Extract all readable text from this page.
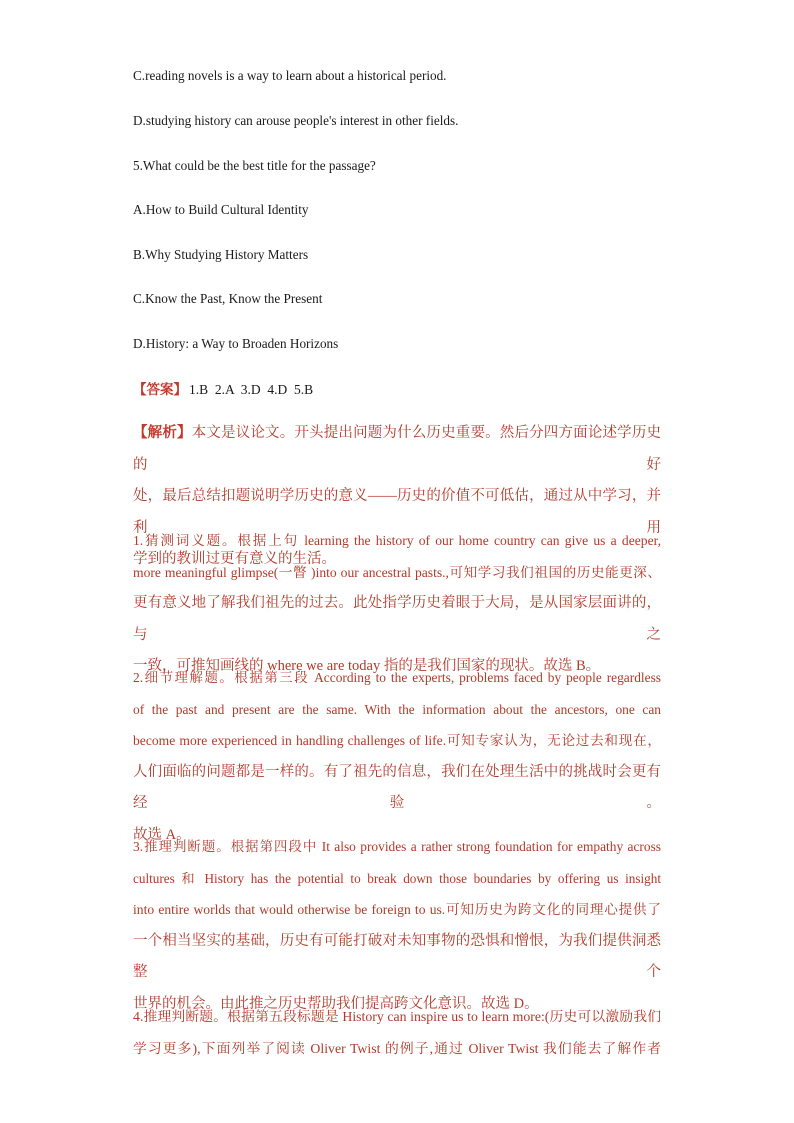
C.reading novels is a way to learn about a historical period.
D.studying history can arouse people's interest in other fields.
5.What could be the best title for the passage?
A.How to Build Cultural Identity
B.Why Studying History Matters
C.Know the Past, Know the Present
D.History: a Way to Broaden Horizons
【答案】 1.B  2.A  3.D  4.D  5.B
【解析】本文是议论文。开头提出问题为什么历史重要。然后分四方面论述学历史的好
处，最后总结扣题说明学历史的意义——历史的价值不可低估，通过从中学习，并利用
学到的教训过更有意义的生活。
1.猜测词义题。根据上句 learning the history of our home country can give us a deeper,
more meaningful glimpse(一瞥 )into our ancestral pasts.,可知学习我们祖国的历史能更深、
更有意义地了解我们祖先的过去。此处指学历史着眼于大局，是从国家层面讲的，与之
一致，可推知画线的 where we are today 指的是我们国家的现状。故选 B。
2.细节理解题。根据第三段 According to the experts, problems faced by people regardless
of the past and present are the same. With the information about the ancestors, one can
become more experienced in handling challenges of life.可知专家认为，无论过去和现在，
人们面临的问题都是一样的。有了祖先的信息，我们在处理生活中的挑战时会更有经验。
故选 A。
3.推理判断题。根据第四段中 It also provides a rather strong foundation for empathy across
cultures 和 History has the potential to break down those boundaries by offering us insight
into entire worlds that would otherwise be foreign to us.可知历史为跨文化的同理心提供了
一个相当坚实的基础，历史有可能打破对未知事物的恐惧和憎恨，为我们提供洞悉整个
世界的机会。由此推之历史帮助我们提高跨文化意识。故选 D。
4.推理判断题。根据第五段标题是 History can inspire us to learn more:(历史可以激励我们
学习更多),下面列举了阅读 Oliver Twist 的例子,通过 Oliver Twist 我们能去了解作者
